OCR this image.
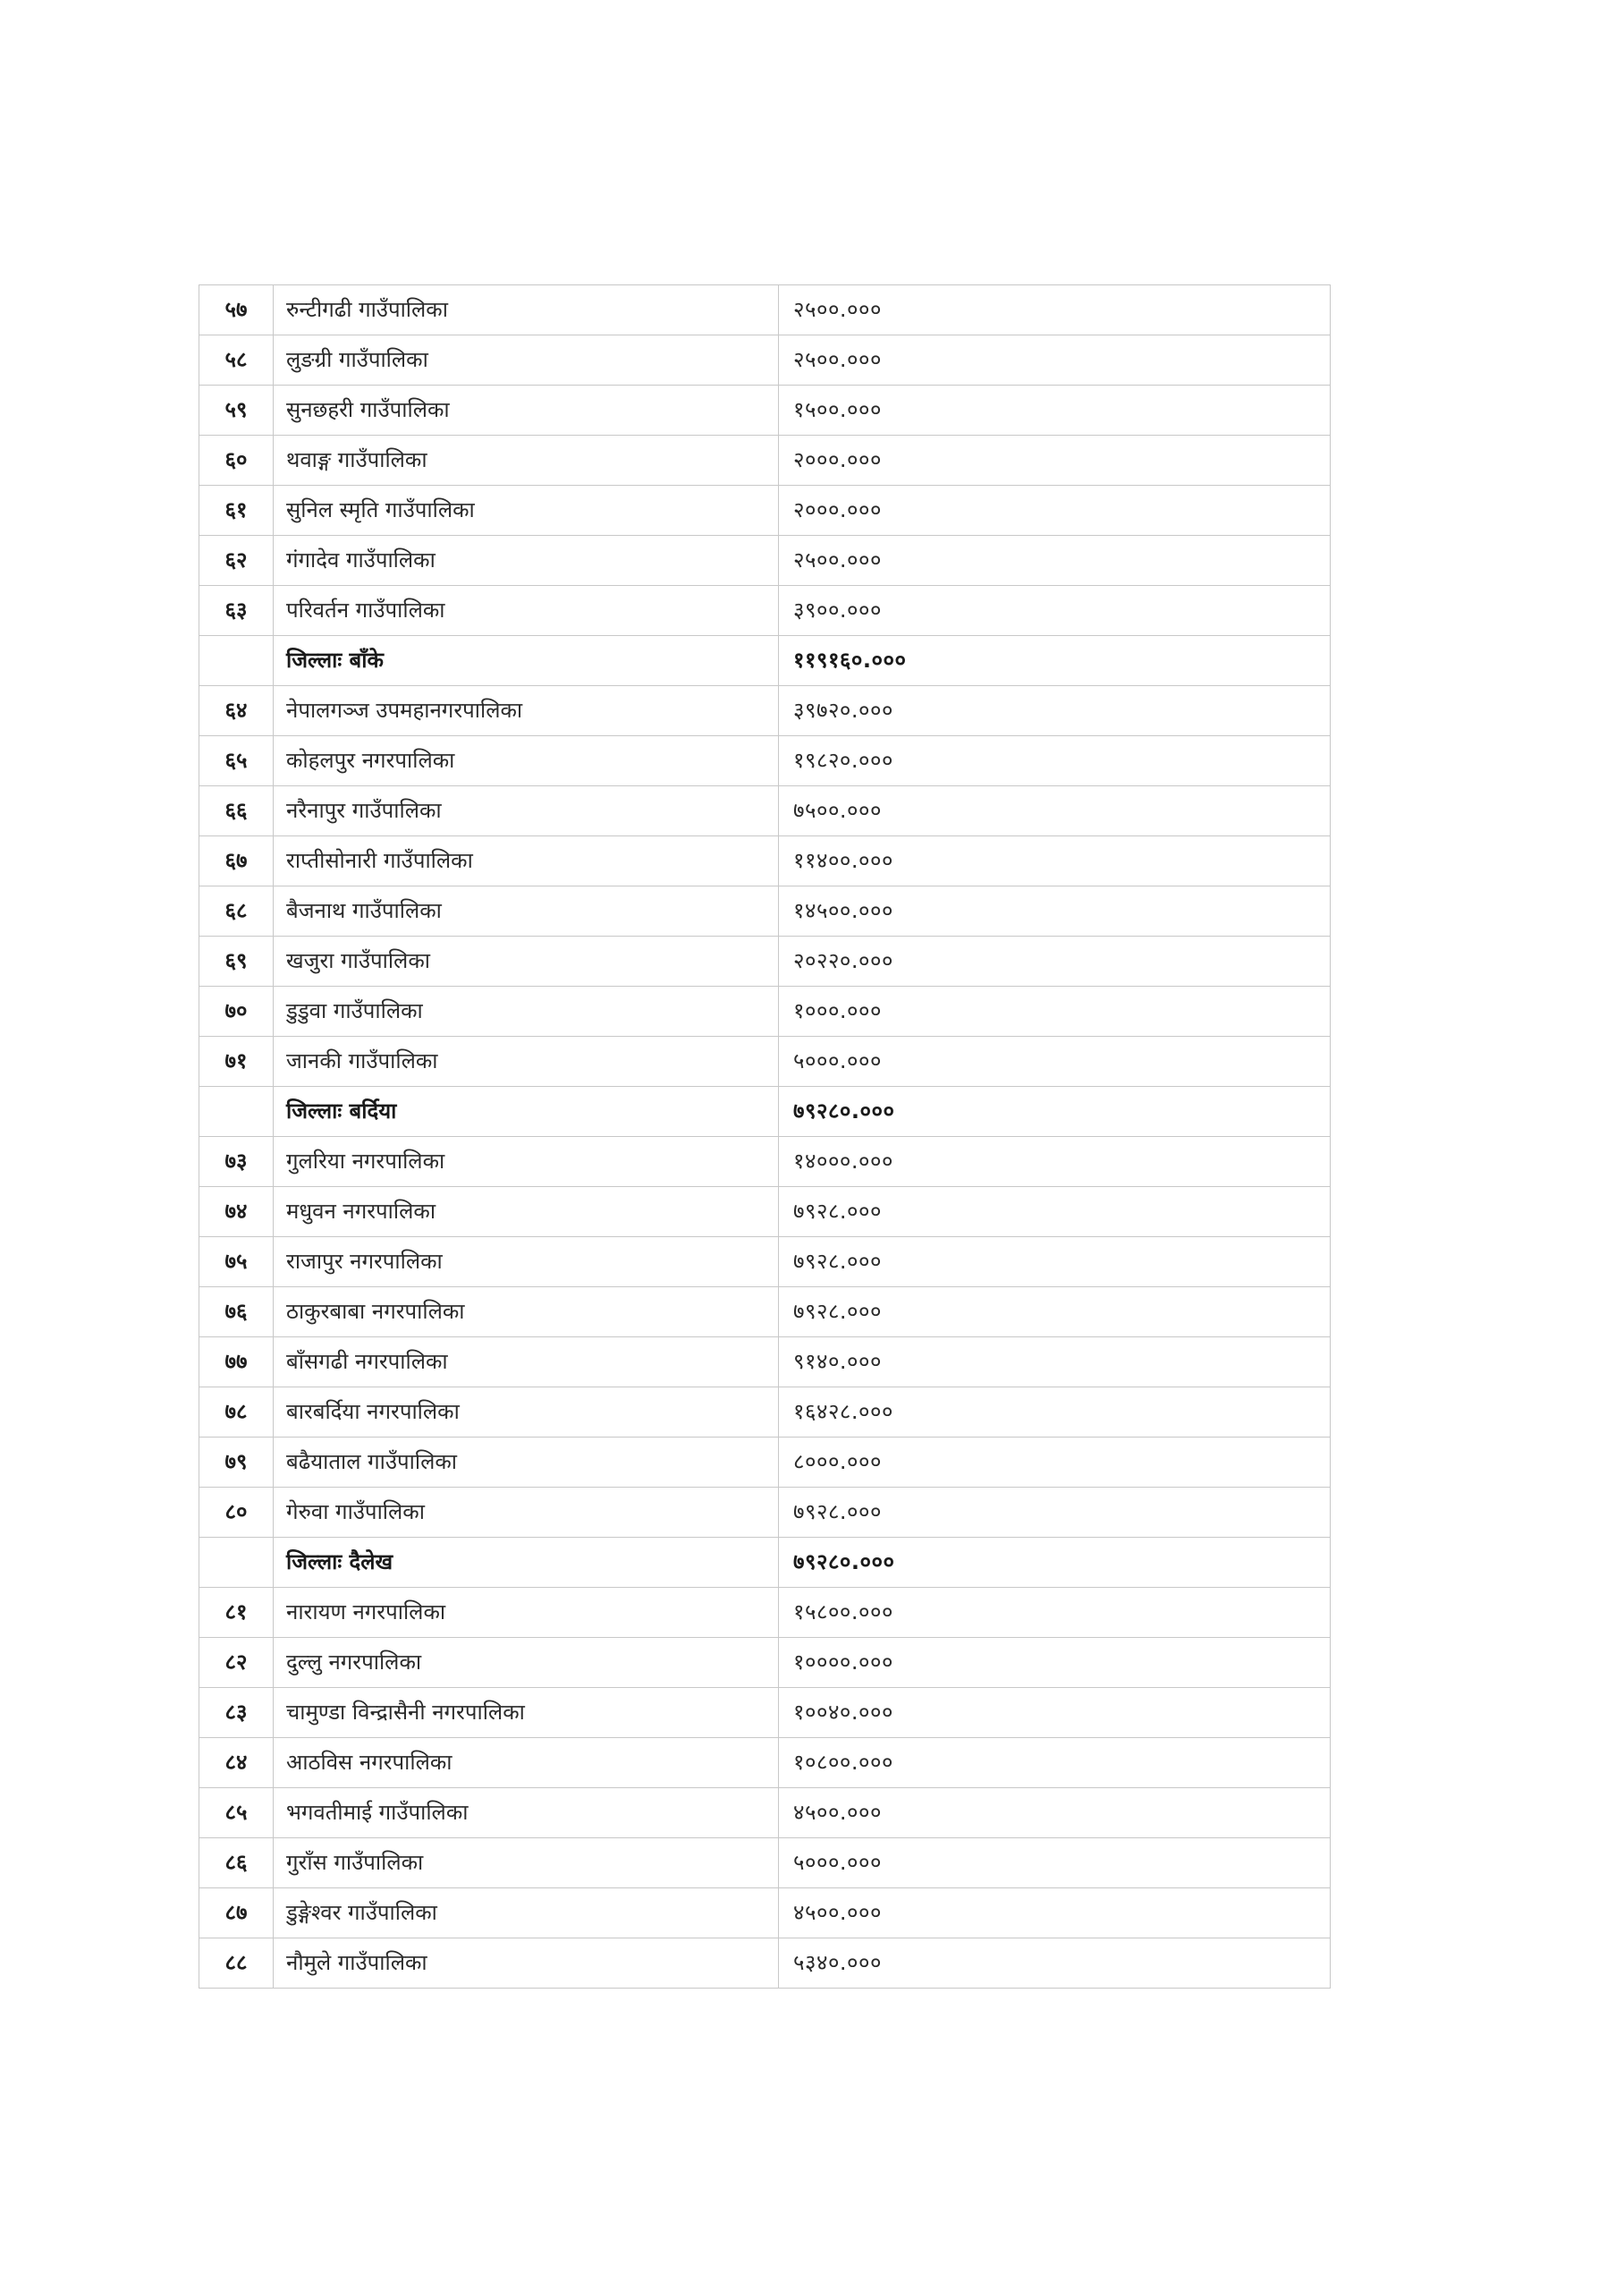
५७	रुन्टीगढी गाउँपालिका	२५००.०००
५८	लुङग्री गाउँपालिका	२५००.०००
५९	सुनछहरी गाउँपालिका	१५००.०००
६०	थवाङ्ग गाउँपालिका	२०००.०००
६१	सुनिल स्मृति गाउँपालिका	२०००.०००
६२	गंगादेव गाउँपालिका	२५००.०००
६३	परिवर्तन गाउँपालिका	३९००.०००
	जिल्लाः बाँके	११९१६०.०००
६४	नेपालगञ्ज उपमहानगरपालिका	३९७२०.०००
६५	कोहलपुर नगरपालिका	१९८२०.०००
६६	नरैनापुर गाउँपालिका	७५००.०००
६७	राप्तीसोनारी गाउँपालिका	११४००.०००
६८	बैजनाथ गाउँपालिका	१४५००.०००
६९	खजुरा गाउँपालिका	२०२२०.०००
७०	डुडुवा गाउँपालिका	१०००.०००
७१	जानकी गाउँपालिका	५०००.०००
	जिल्लाः बर्दिया	७९२८०.०००
७३	गुलरिया नगरपालिका	१४०००.०००
७४	मधुवन नगरपालिका	७९२८.०००
७५	राजापुर नगरपालिका	७९२८.०००
७६	ठाकुरबाबा नगरपालिका	७९२८.०००
७७	बाँसगढी नगरपालिका	९१४०.०००
७८	बारबर्दिया नगरपालिका	१६४२८.०००
७९	बढैयाताल गाउँपालिका	८०००.०००
८०	गेरुवा गाउँपालिका	७९२८.०००
	जिल्लाः दैलेख	७९२८०.०००
८१	नारायण नगरपालिका	१५८००.०००
८२	दुल्लु नगरपालिका	१००००.०००
८३	चामुण्डा विन्द्रासैनी नगरपालिका	१००४०.०००
८४	आठविस नगरपालिका	१०८००.०००
८५	भगवतीमाई गाउँपालिका	४५००.०००
८६	गुराँस गाउँपालिका	५०००.०००
८७	डुङ्गेश्वर गाउँपालिका	४५००.०००
८८	नौमुले गाउँपालिका	५३४०.०००
